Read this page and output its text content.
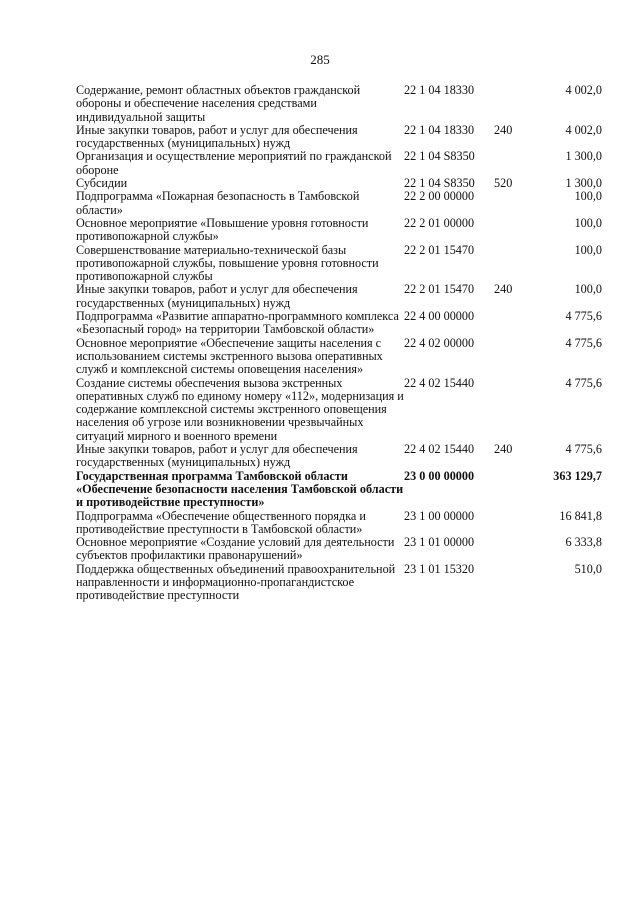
285
Содержание, ремонт областных объектов гражданской обороны и обеспечение населения средствами индивидуальной защиты	22 1 04 18330		4 002,0
Иные закупки товаров, работ и услуг для обеспечения государственных (муниципальных) нужд	22 1 04 18330	240	4 002,0
Организация и осуществление мероприятий по гражданской обороне	22 1 04 S8350		1 300,0
Субсидии	22 1 04 S8350	520	1 300,0
Подпрограмма «Пожарная безопасность в Тамбовской области»	22 2 00 00000		100,0
Основное мероприятие «Повышение уровня готовности противопожарной службы»	22 2 01 00000		100,0
Совершенствование материально-технической базы противопожарной службы, повышение уровня готовности противопожарной службы	22 2 01 15470		100,0
Иные закупки товаров, работ и услуг для обеспечения государственных (муниципальных) нужд	22 2 01 15470	240	100,0
Подпрограмма «Развитие аппаратно-программного комплекса «Безопасный город» на территории Тамбовской области»	22 4 00 00000		4 775,6
Основное мероприятие «Обеспечение защиты населения с использованием системы экстренного вызова оперативных служб и комплексной системы оповещения населения»	22 4 02 00000		4 775,6
Создание системы обеспечения вызова экстренных оперативных служб по единому номеру «112», модернизация и содержание комплексной системы экстренного оповещения населения об угрозе или возникновении чрезвычайных ситуаций мирного и военного времени	22 4 02 15440		4 775,6
Иные закупки товаров, работ и услуг для обеспечения государственных (муниципальных) нужд	22 4 02 15440	240	4 775,6
Государственная программа Тамбовской области «Обеспечение безопасности населения Тамбовской области и противодействие преступности»	23 0 00 00000		363 129,7
Подпрограмма «Обеспечение общественного порядка и противодействие преступности в Тамбовской области»	23 1 00 00000		16 841,8
Основное мероприятие «Создание условий для деятельности субъектов профилактики правонарушений»	23 1 01 00000		6 333,8
Поддержка общественных объединений правоохранительной направленности и информационно-пропагандистское противодействие преступности	23 1 01 15320		510,0
